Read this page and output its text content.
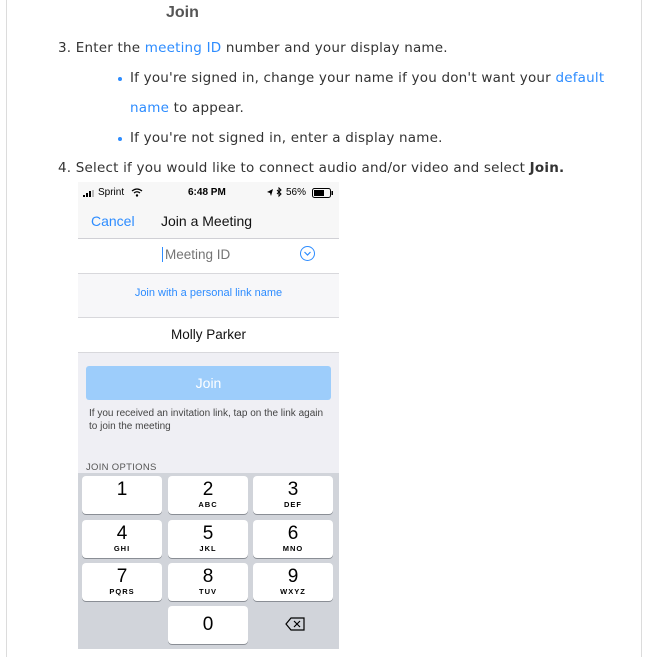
Join
3. Enter the meeting ID number and your display name.
If you're signed in, change your name if you don't want your default
name to appear.
If you're not signed in, enter a display name.
4. Select if you would like to connect audio and/or video and select Join.
Sprint	6:48 PM	56%
Cancel Join a Meeting
Meeting ID
Join with a personal link name
Molly Parker
Join
If you received an invitation link, tap on the link again to join the meeting
JOIN OPTIONS
1	2
ABC
3
DEF
4
GHI
5
JKL
6
MNO
7
PQRS
8
TUV
9
WXYZ
0
